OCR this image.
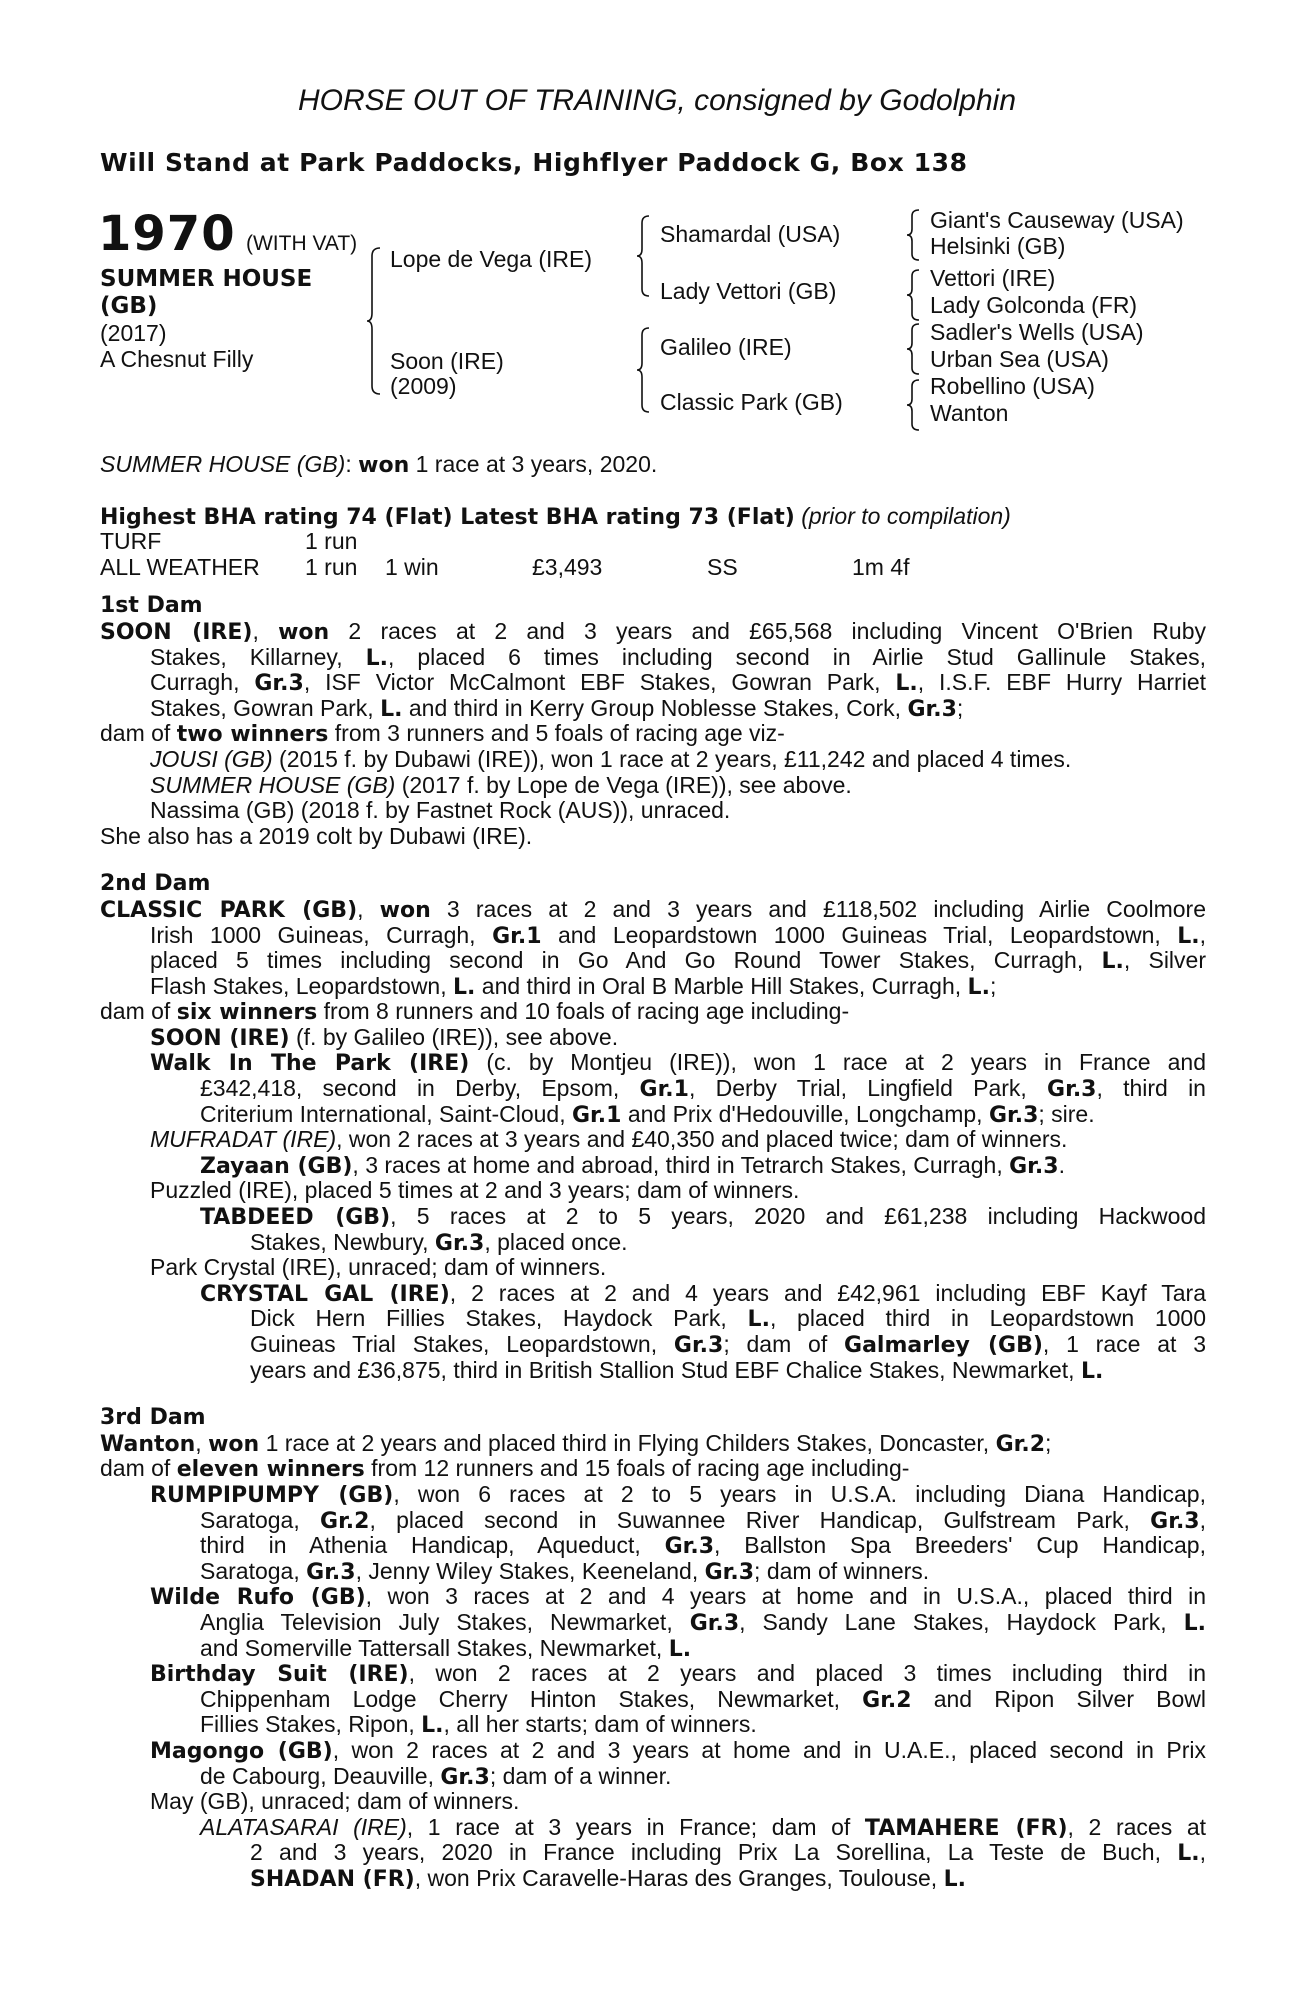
HORSE OUT OF TRAINING, consigned by Godolphin
Will Stand at Park Paddocks, Highflyer Paddock G, Box 138
1970 (WITH VAT)
SUMMER HOUSE
(GB)
(2017)
A Chesnut Filly
Lope de Vega (IRE)
Soon (IRE)
(2009)
Shamardal (USA)
Lady Vettori (GB)
Galileo (IRE)
Classic Park (GB)
Giant's Causeway (USA)
Helsinki (GB)
Vettori (IRE)
Lady Golconda (FR)
Sadler's Wells (USA)
Urban Sea (USA)
Robellino (USA)
Wanton
SUMMER HOUSE (GB): won 1 race at 3 years, 2020.
Highest BHA rating 74 (Flat) Latest BHA rating 73 (Flat) (prior to compilation)
TURF	1 run
ALL WEATHER 1 run 1 win	£3,493	SS	1m 4f
1st Dam
SOON (IRE), won 2 races at 2 and 3 years and £65,568 including Vincent O'Brien Ruby
Stakes, Killarney, L., placed 6 times including second in Airlie Stud Gallinule Stakes,
Curragh, Gr.3, ISF Victor McCalmont EBF Stakes, Gowran Park, L., I.S.F. EBF Hurry Harriet
Stakes, Gowran Park, L. and third in Kerry Group Noblesse Stakes, Cork, Gr.3;
dam of two winners from 3 runners and 5 foals of racing age viz-
JOUSI (GB) (2015 f. by Dubawi (IRE)), won 1 race at 2 years, £11,242 and placed 4 times.
SUMMER HOUSE (GB) (2017 f. by Lope de Vega (IRE)), see above.
Nassima (GB) (2018 f. by Fastnet Rock (AUS)), unraced.
She also has a 2019 colt by Dubawi (IRE).
2nd Dam
CLASSIC PARK (GB), won 3 races at 2 and 3 years and £118,502 including Airlie Coolmore
Irish 1000 Guineas, Curragh, Gr.1 and Leopardstown 1000 Guineas Trial, Leopardstown, L.,
placed 5 times including second in Go And Go Round Tower Stakes, Curragh, L., Silver
Flash Stakes, Leopardstown, L. and third in Oral B Marble Hill Stakes, Curragh, L.;
dam of six winners from 8 runners and 10 foals of racing age including-
SOON (IRE) (f. by Galileo (IRE)), see above.
Walk In The Park (IRE) (c. by Montjeu (IRE)), won 1 race at 2 years in France and
£342,418, second in Derby, Epsom, Gr.1, Derby Trial, Lingfield Park, Gr.3, third in
Criterium International, Saint-Cloud, Gr.1 and Prix d'Hedouville, Longchamp, Gr.3; sire.
MUFRADAT (IRE), won 2 races at 3 years and £40,350 and placed twice; dam of winners.
Zayaan (GB), 3 races at home and abroad, third in Tetrarch Stakes, Curragh, Gr.3.
Puzzled (IRE), placed 5 times at 2 and 3 years; dam of winners.
TABDEED (GB), 5 races at 2 to 5 years, 2020 and £61,238 including Hackwood
Stakes, Newbury, Gr.3, placed once.
Park Crystal (IRE), unraced; dam of winners.
CRYSTAL GAL (IRE), 2 races at 2 and 4 years and £42,961 including EBF Kayf Tara
Dick Hern Fillies Stakes, Haydock Park, L., placed third in Leopardstown 1000
Guineas Trial Stakes, Leopardstown, Gr.3; dam of Galmarley (GB), 1 race at 3
years and £36,875, third in British Stallion Stud EBF Chalice Stakes, Newmarket, L.
3rd Dam
Wanton, won 1 race at 2 years and placed third in Flying Childers Stakes, Doncaster, Gr.2;
dam of eleven winners from 12 runners and 15 foals of racing age including-
RUMPIPUMPY (GB), won 6 races at 2 to 5 years in U.S.A. including Diana Handicap,
Saratoga, Gr.2, placed second in Suwannee River Handicap, Gulfstream Park, Gr.3,
third in Athenia Handicap, Aqueduct, Gr.3, Ballston Spa Breeders' Cup Handicap,
Saratoga, Gr.3, Jenny Wiley Stakes, Keeneland, Gr.3; dam of winners.
Wilde Rufo (GB), won 3 races at 2 and 4 years at home and in U.S.A., placed third in
Anglia Television July Stakes, Newmarket, Gr.3, Sandy Lane Stakes, Haydock Park, L.
and Somerville Tattersall Stakes, Newmarket, L.
Birthday Suit (IRE), won 2 races at 2 years and placed 3 times including third in
Chippenham Lodge Cherry Hinton Stakes, Newmarket, Gr.2 and Ripon Silver Bowl
Fillies Stakes, Ripon, L., all her starts; dam of winners.
Magongo (GB), won 2 races at 2 and 3 years at home and in U.A.E., placed second in Prix
de Cabourg, Deauville, Gr.3; dam of a winner.
May (GB), unraced; dam of winners.
ALATASARAI (IRE), 1 race at 3 years in France; dam of TAMAHERE (FR), 2 races at
2 and 3 years, 2020 in France including Prix La Sorellina, La Teste de Buch, L.,
SHADAN (FR), won Prix Caravelle-Haras des Granges, Toulouse, L.
